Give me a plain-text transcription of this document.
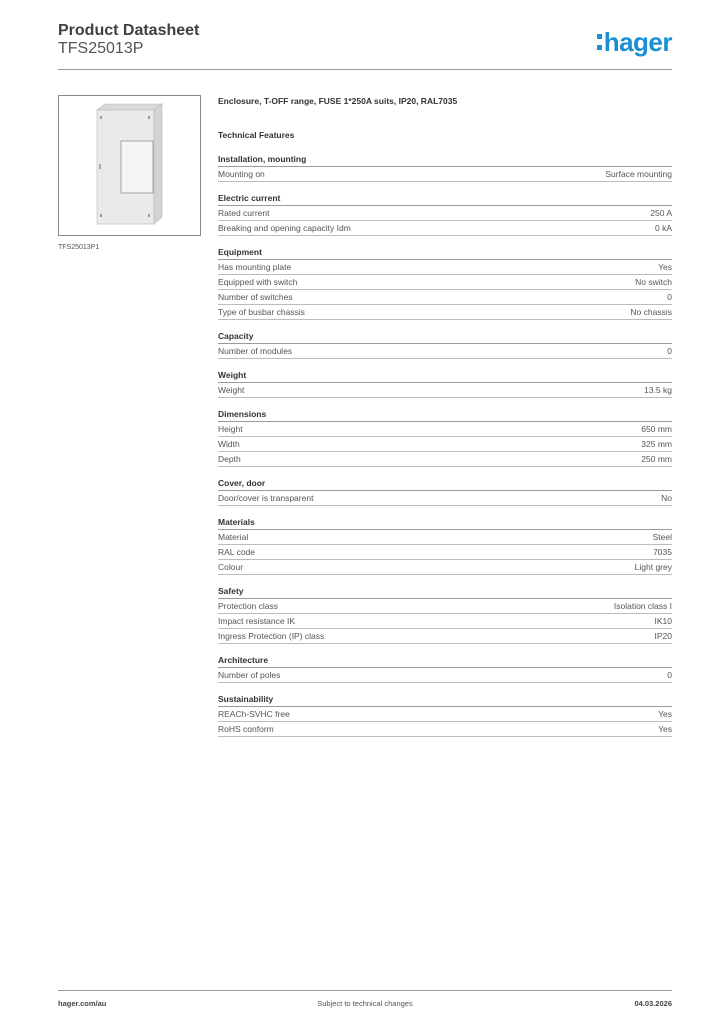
Product Datasheet
TFS25013P	hager
TFS25013P1
Enclosure, T-OFF range, FUSE 1*250A suits, IP20, RAL7035
Technical Features
Installation, mounting
Mounting on	Surface mounting
Electric current
Rated current	250 A
Breaking and opening capacity Idm	0 kA
Equipment
Has mounting plate	Yes
Equipped with switch	No switch
Number of switches	0
Type of busbar chassis	No chassis
Capacity
Number of modules	0
Weight
Weight	13.5 kg
Dimensions
Height	650 mm
Width	325 mm
Depth	250 mm
Cover, door
Door/cover is transparent	No
Materials
Material	Steel
RAL code	7035
Colour	Light grey
Safety
Protection class	Isolation class I
Impact resistance IK	IK10
Ingress Protection (IP) class	IP20
Architecture
Number of poles	0
Sustainability
REACh-SVHC free	Yes
RoHS conform	Yes
hager.com/au	Subject to technical changes	04.03.2026
